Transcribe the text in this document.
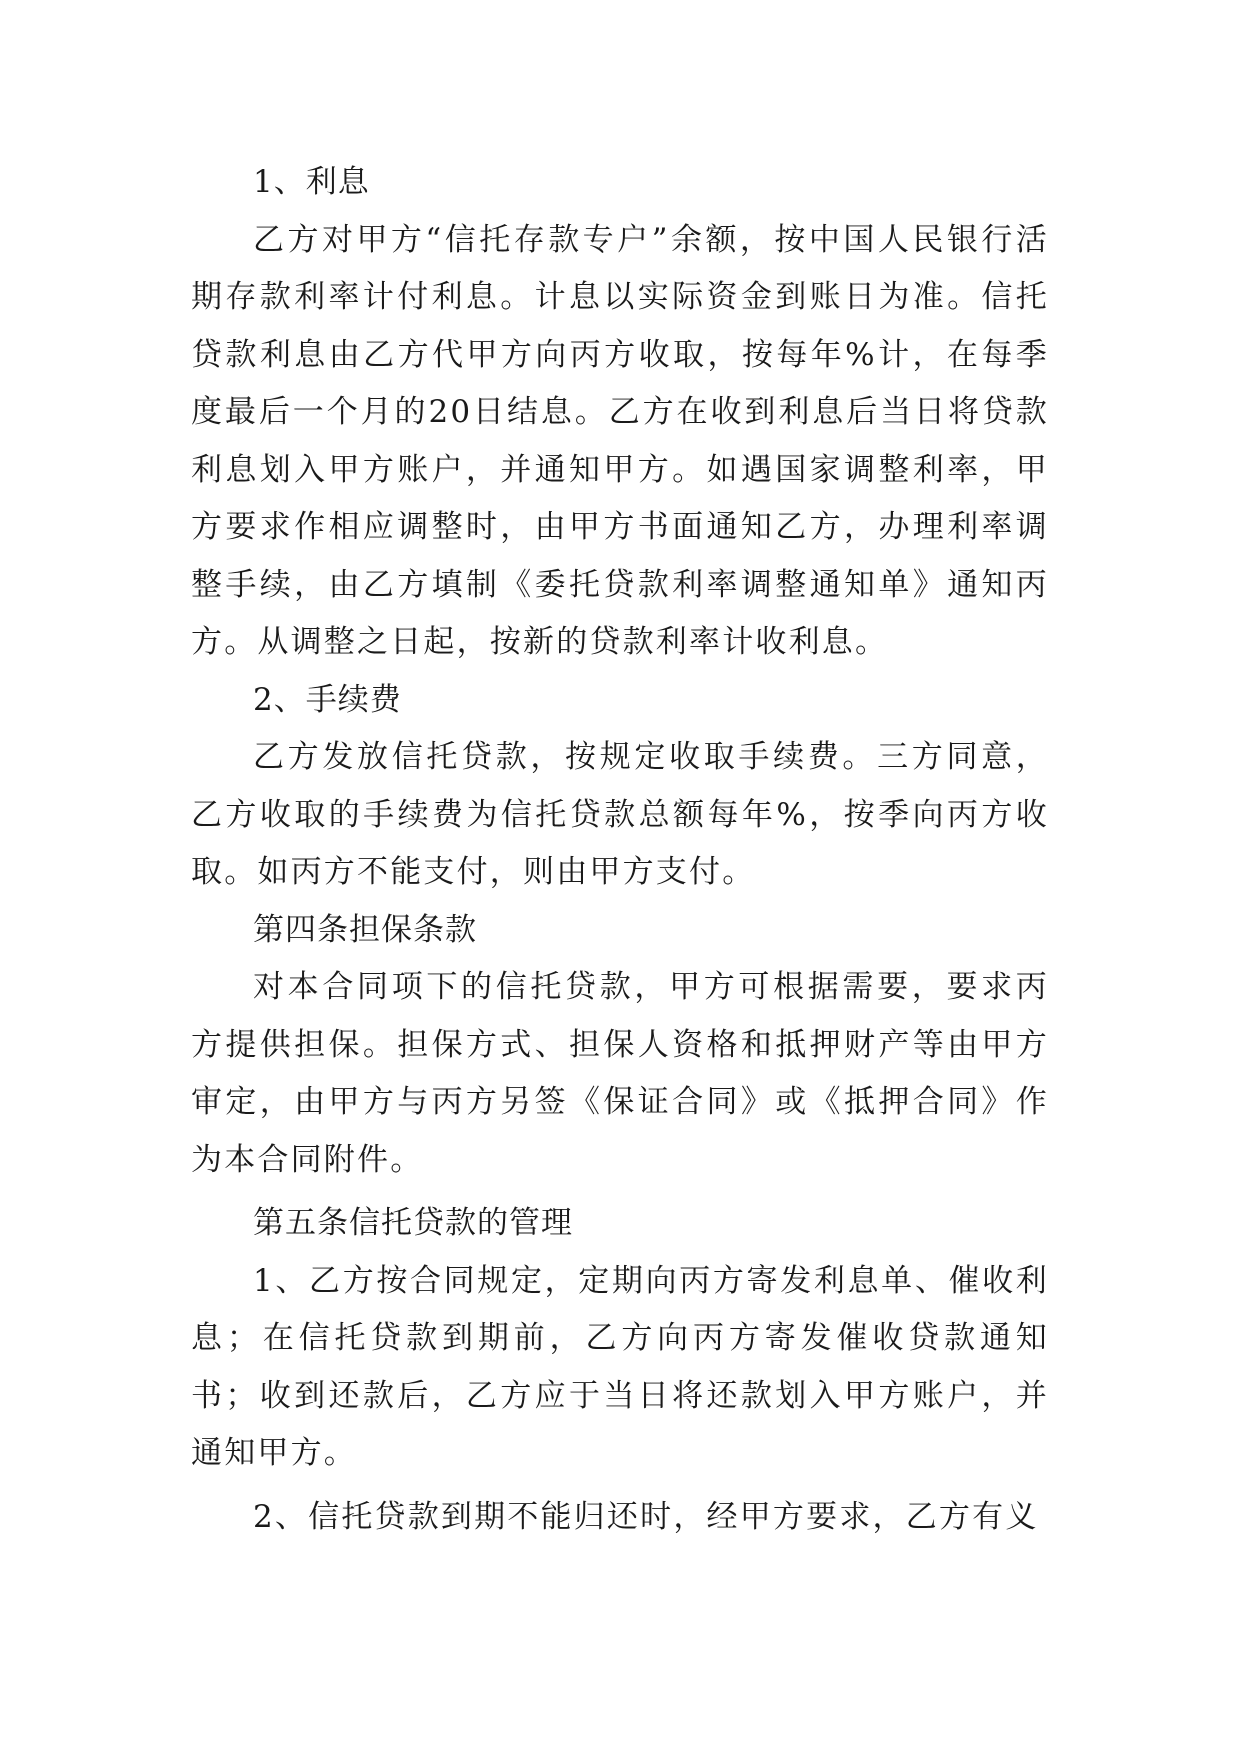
1、利息

乙方对甲方“信托存款专户”余额，按中国人民银行活期存款利率计付利息。计息以实际资金到账日为准。信托贷款利息由乙方代甲方向丙方收取，按每年%计，在每季度最后一个月的20日结息。乙方在收到利息后当日将贷款利息划入甲方账户，并通知甲方。如遇国家调整利率，甲方要求作相应调整时，由甲方书面通知乙方，办理利率调整手续，由乙方填制《委托贷款利率调整通知单》通知丙方。从调整之日起，按新的贷款利率计收利息。

2、手续费

乙方发放信托贷款，按规定收取手续费。三方同意，乙方收取的手续费为信托贷款总额每年%，按季向丙方收取。如丙方不能支付，则由甲方支付。

第四条担保条款

对本合同项下的信托贷款，甲方可根据需要，要求丙方提供担保。担保方式、担保人资格和抵押财产等由甲方审定，由甲方与丙方另签《保证合同》或《抵押合同》作为本合同附件。

第五条信托贷款的管理

1、乙方按合同规定，定期向丙方寄发利息单、催收利息；在信托贷款到期前，乙方向丙方寄发催收贷款通知书；收到还款后，乙方应于当日将还款划入甲方账户，并通知甲方。

2、信托贷款到期不能归还时，经甲方要求，乙方有义
